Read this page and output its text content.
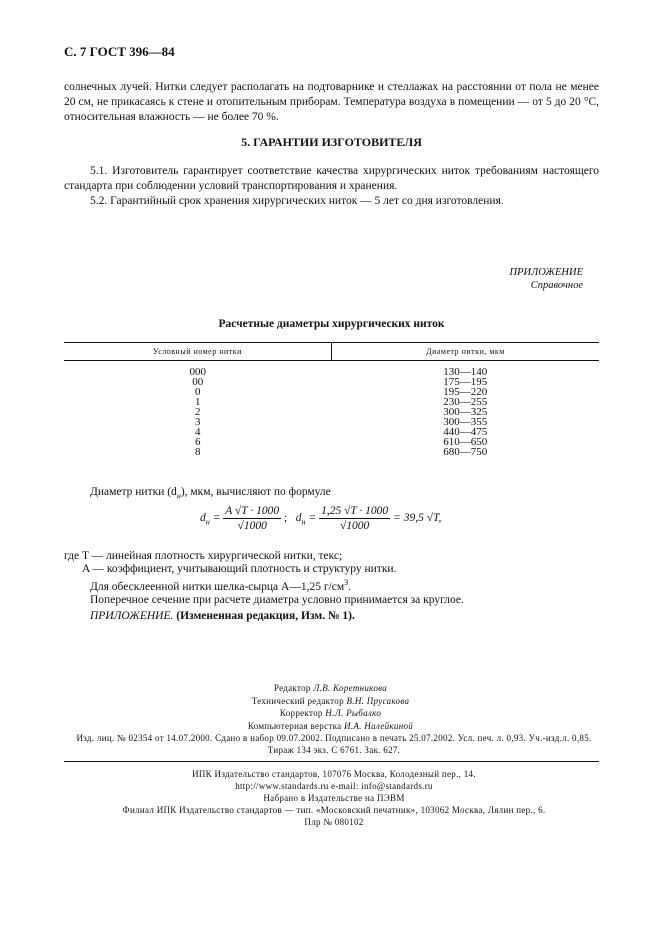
С. 7 ГОСТ 396—84

солнечных лучей. Нитки следует располагать на подтоварнике и стеллажах на расстоянии от пола не менее 20 см, не прикасаясь к стене и отопительным приборам. Температура воздуха в помещении — от 5 до 20 °С, относительная влажность — не более 70 %.

5. ГАРАНТИИ ИЗГОТОВИТЕЛЯ

5.1. Изготовитель гарантирует соответствие качества хирургических ниток требованиям настоящего стандарта при соблюдении условий транспортирования и хранения.

5.2. Гарантийный срок хранения хирургических ниток — 5 лет со дня изготовления.

ПРИЛОЖЕНИЕ
Справочное
Расчетные диаметры хирургических ниток
Условный номер нитки	Диаметр нитки, мкм
000	130—140
00	175—195
0	195—220
1	230—255
2	300—325
3	300—355
4	440—475
6	610—650
8	680—750
Диаметр нитки $(d_н)$, мкм, вычисляют по формуле
$d_н = \frac{A √T \cdot 1000}{√1000}$ ; $d_н = \frac{1,25 √T \cdot 1000}{√1000} = 39,5$ √T,

где T — линейная плотность хирургической нитки, текс;

A — коэффициент, учитывающий плотность и структуру нитки.

Для обесклеенной нитки шелка-сырца A—1,25 $г/см^3$.

Поперечное сечение при расчете диаметра условно принимается за круглое.

ПРИЛОЖЕНИЕ. (Измененная редакция, Изм. № 1).

Редактор Л.В. Коретникова

Технический редактор В.Н. Прусакова

Корректор Н.Л. Рыбалко

Компьютерная верстка И.А. Налейкиной

Изд. лиц. № 02354 от 14.07.2000. Сдано в набор 09.07.2002. Подписано в печать 25.07.2002. Усл. печ. л. 0,93. Уч.-изд.л. 0,85.

Тираж 134 экз. С 6761. Зак. 627.

ИПК Издательство стандартов, 107076 Москва, Колодезный пер., 14.

http://www.standards.ru e-mail: info@standards.ru

Набрано в Издательстве на ПЭВМ

Филиал ИПК Издательство стандартов — тип. «Московский печатник», 103062 Москва, Лялин пер., 6.

Плр № 080102
